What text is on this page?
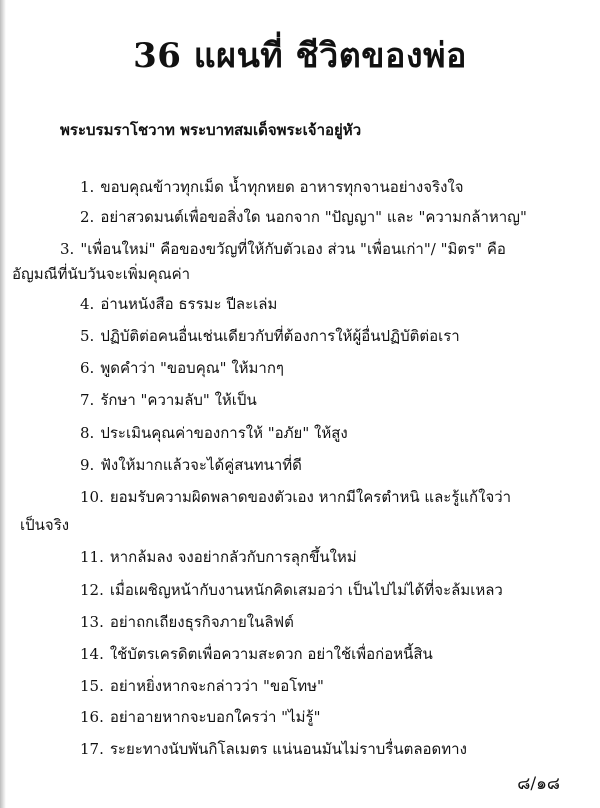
36 แผนที่ ชีวิตของพ่อ
พระบรมราโชวาท พระบาทสมเด็จพระเจ้าอยู่หัว
1. ขอบคุณข้าวทุกเม็ด น้ำทุกหยด อาหารทุกจานอย่างจริงใจ
2. อย่าสวดมนต์เพื่อขอสิ่งใด นอกจาก "ปัญญา" และ "ความกล้าหาญ"
3. "เพื่อนใหม่" คือของขวัญที่ให้กับตัวเอง ส่วน "เพื่อนเก่า"/ "มิตร" คือ
อัญมณีที่นับวันจะเพิ่มคุณค่า
4. อ่านหนังสือ ธรรมะ ปีละเล่ม
5. ปฏิบัติต่อคนอื่นเช่นเดียวกับที่ต้องการให้ผู้อื่นปฏิบัติต่อเรา
6. พูดคำว่า "ขอบคุณ" ให้มากๆ
7. รักษา "ความลับ" ให้เป็น
8. ประเมินคุณค่าของการให้ "อภัย" ให้สูง
9. ฟังให้มากแล้วจะได้คู่สนทนาที่ดี
10. ยอมรับความผิดพลาดของตัวเอง หากมีใครตำหนิ และรู้แก้ใจว่า
เป็นจริง
11. หากล้มลง จงอย่ากลัวกับการลุกขึ้นใหม่
12. เมื่อเผชิญหน้ากับงานหนักคิดเสมอว่า เป็นไปไม่ได้ที่จะล้มเหลว
13. อย่าถกเถียงธุรกิจภายในลิฟต์
14. ใช้บัตรเครดิตเพื่อความสะดวก อย่าใช้เพื่อก่อหนี้สิน
15. อย่าหยิ่งหากจะกล่าวว่า "ขอโทษ"
16. อย่าอายหากจะบอกใครว่า "ไม่รู้"
17. ระยะทางนับพันกิโลเมตร แน่นอนมันไม่ราบรื่นตลอดทาง
๘/๑๘
